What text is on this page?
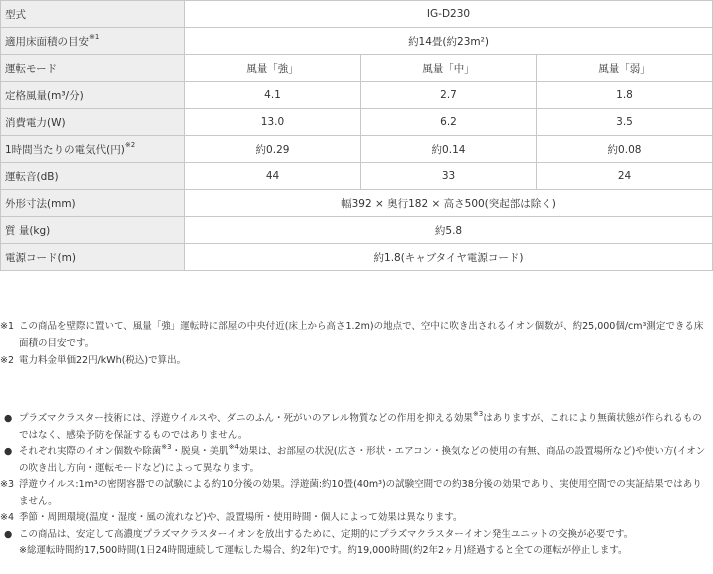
型式	IG-D230		
適用床面積の目安$^{※1}$	約14畳(約23m²)		
運転モード	風量「強」	風量「中」	風量「弱」
定格風量(m³/分)	4.1	2.7	1.8
消費電力(W)	13.0	6.2	3.5
1時間当たりの電気代(円)$^{※2}$	約0.29	約0.14	約0.08
運転音(dB)	44	33	24
外形寸法(mm)	幅392 × 奥行182 × 高さ500(突起部は除く)		
質 量(kg)	約5.8		
電源コード(m)	約1.8(キャブタイヤ電源コード)		
※1 この商品を壁際に置いて、風量「強」運転時に部屋の中央付近(床上から高さ1.2m)の地点で、空中に吹き出されるイオン個数が、約25,000個/cm³測定できる床面積の目安です。
※2 電力料金単価22円/kWh(税込)で算出。
● プラズマクラスター技術には、浮遊ウイルスや、ダニのふん・死がいのアレル物質などの作用を抑える効果$^{※3}$はありますが、これにより無菌状態が作られるものではなく、感染予防を保証するものではありません。
● それぞれ実際のイオン個数や除菌$^{※3}$・脱臭・美肌$^{※4}$効果は、お部屋の状況(広さ・形状・エアコン・換気などの使用の有無、商品の設置場所など)や使い方(イオンの吹き出し方向・運転モードなど)によって異なります。
※3 浮遊ウイルス:1m³の密閉容器での試験による約10分後の効果。浮遊菌:約10畳(40m³)の試験空間での約38分後の効果であり、実使用空間での実証結果ではありません。
※4 季節・周囲環境(温度・湿度・風の流れなど)や、設置場所・使用時間・個人によって効果は異なります。
● この商品は、安定して高濃度プラズマクラスターイオンを放出するために、定期的にプラズマクラスターイオン発生ユニットの交換が必要です。
※総運転時間約17,500時間(1日24時間連続して運転した場合、約2年)です。約19,000時間(約2年2ヶ月)経過すると全ての運転が停止します。
